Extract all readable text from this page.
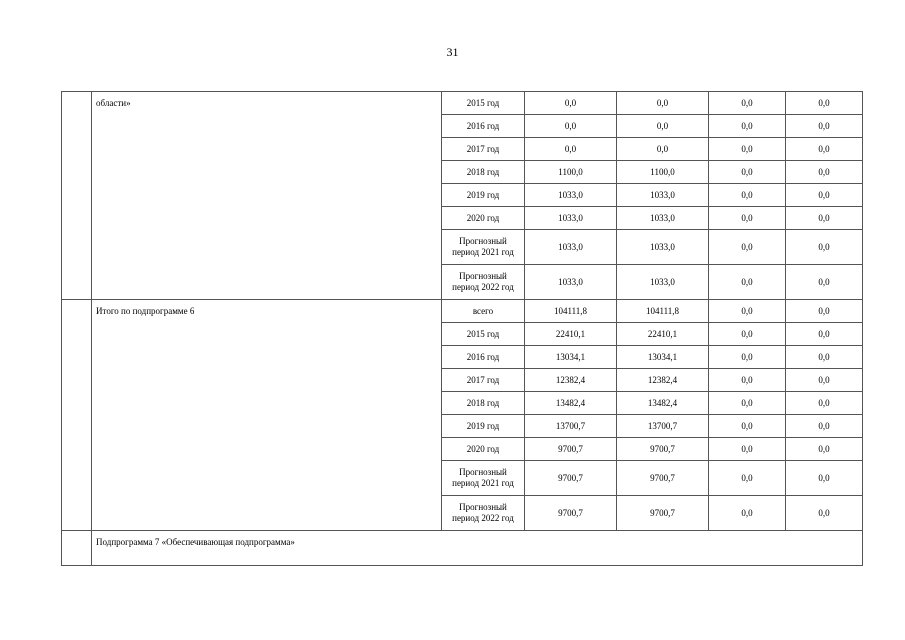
31
	области»	2015 год	0,0	0,0	0,0	0,0
		2016 год	0,0	0,0	0,0	0,0
		2017 год	0,0	0,0	0,0	0,0
		2018 год	1100,0	1100,0	0,0	0,0
		2019 год	1033,0	1033,0	0,0	0,0
		2020 год	1033,0	1033,0	0,0	0,0
		Прогнозный период 2021 год	1033,0	1033,0	0,0	0,0
		Прогнозный период 2022 год	1033,0	1033,0	0,0	0,0
	Итого по подпрограмме 6	всего	104111,8	104111,8	0,0	0,0
		2015 год	22410,1	22410,1	0,0	0,0
		2016 год	13034,1	13034,1	0,0	0,0
		2017 год	12382,4	12382,4	0,0	0,0
		2018 год	13482,4	13482,4	0,0	0,0
		2019 год	13700,7	13700,7	0,0	0,0
		2020 год	9700,7	9700,7	0,0	0,0
		Прогнозный период 2021 год	9700,7	9700,7	0,0	0,0
		Прогнозный период 2022 год	9700,7	9700,7	0,0	0,0
	Подпрограмма 7 «Обеспечивающая подпрограмма»					
